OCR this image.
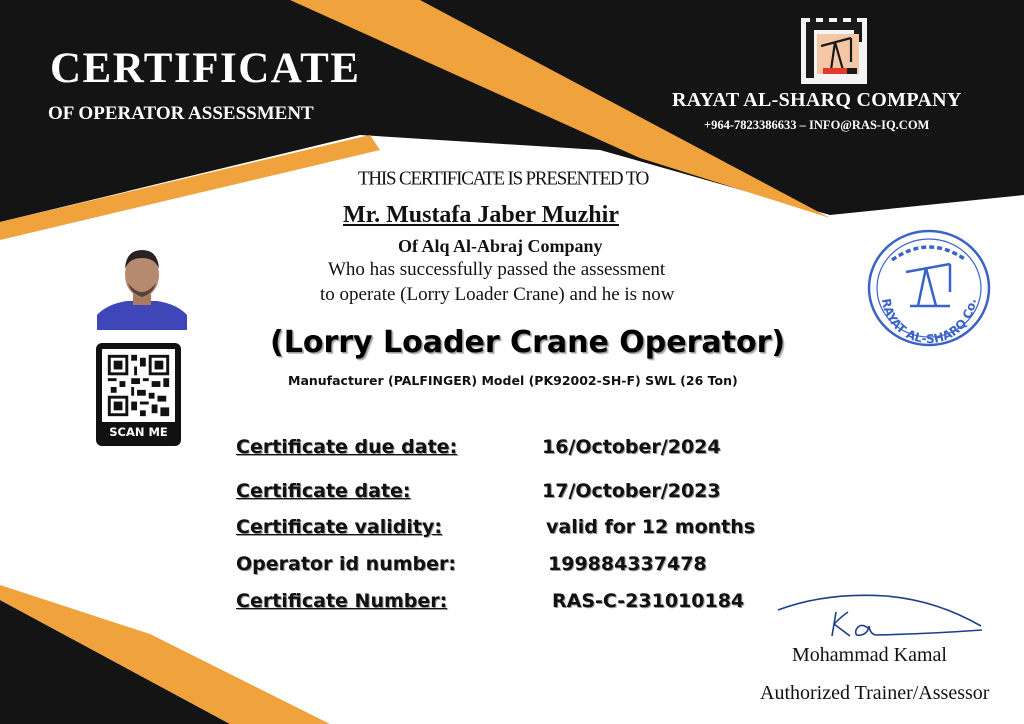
CERTIFICATE
OF OPERATOR ASSESSMENT
RAYAT AL-SHARQ COMPANY
+964-7823386633 – INFO@RAS-IQ.COM
THIS CERTIFICATE IS PRESENTED TO
Mr. Mustafa Jaber Muzhir
Of Alq Al-Abraj Company
Who has successfully passed the assessment
to operate (Lorry Loader Crane) and he is now
(Lorry Loader Crane Operator)
Manufacturer (PALFINGER) Model (PK92002-SH-F) SWL (26 Ton)
SCAN ME
RAYAT AL-SHARQ Co.
Certificate due date:	16/October/2024
Certificate date:	17/October/2023
Certificate validity:	valid for 12 months
Operator id number:	199884337478
Certificate Number:	RAS-C-231010184
Mohammad Kamal
Authorized Trainer/Assessor
